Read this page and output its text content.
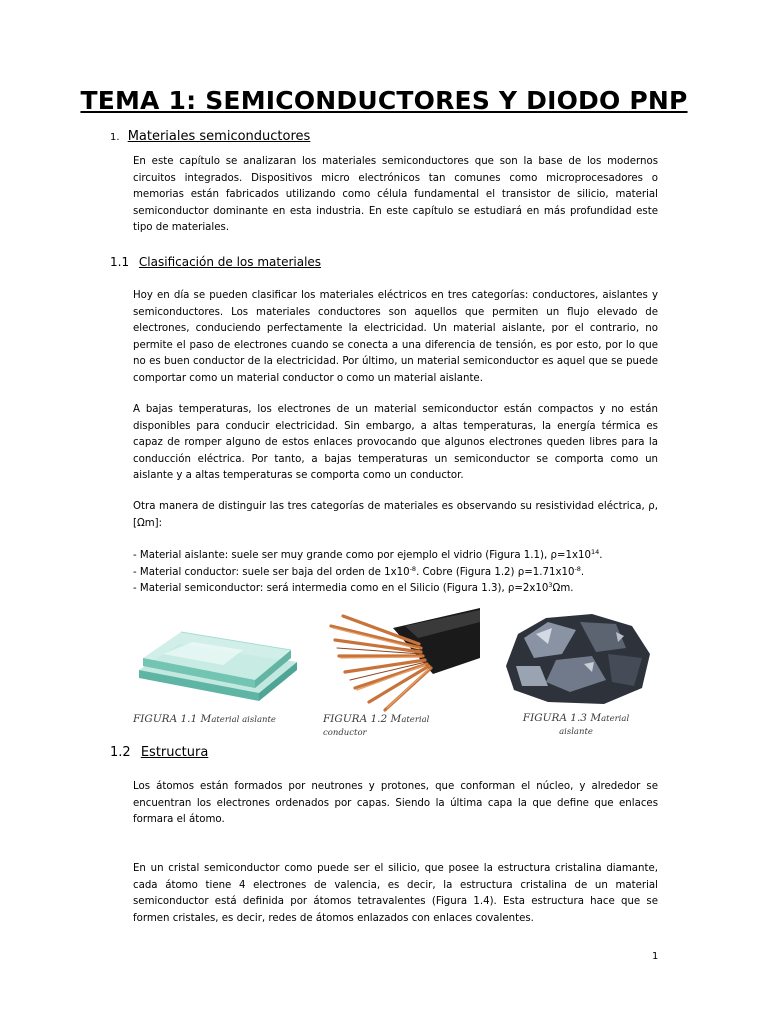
TEMA 1: SEMICONDUCTORES Y DIODO PNP
1. Materiales semiconductores
En este capítulo se analizaran los materiales semiconductores que son la base de los modernos circuitos integrados. Dispositivos micro electrónicos tan comunes como microprocesadores o memorias están fabricados utilizando como célula fundamental el transistor de silicio, material semiconductor dominante en esta industria. En este capítulo se estudiará en más profundidad este tipo de materiales.
1.1 Clasificación de los materiales
Hoy en día se pueden clasificar los materiales eléctricos en tres categorías: conductores, aislantes y semiconductores. Los materiales conductores son aquellos que permiten un flujo elevado de electrones, conduciendo perfectamente la electricidad. Un material aislante, por el contrario, no permite el paso de electrones cuando se conecta a una diferencia de tensión, es por esto, por lo que no es buen conductor de la electricidad. Por último, un material semiconductor es aquel que se puede comportar como un material conductor o como un material aislante.
A bajas temperaturas, los electrones de un material semiconductor están compactos y no están disponibles para conducir electricidad. Sin embargo, a altas temperaturas, la energía térmica es capaz de romper alguno de estos enlaces provocando que algunos electrones queden libres para la conducción eléctrica. Por tanto, a bajas temperaturas un semiconductor se comporta como un aislante y a altas temperaturas se comporta como un conductor.
Otra manera de distinguir las tres categorías de materiales es observando su resistividad eléctrica, ρ, [Ωm]:
- Material aislante: suele ser muy grande como por ejemplo el vidrio (Figura 1.1), $\rho=1x10^{14}$.
- Material conductor: suele ser baja del orden de $1x10^{-8}$. Cobre (Figura 1.2) $\rho=1.71x10^{-8}$.
- Material semiconductor: será intermedia como en el Silicio (Figura 1.3), $\rho=2x10^3\Omega m$.
FIGURA 1.1 Material aislante	FIGURA 1.2 Material
conductor
FIGURA 1.3 Material
aislante
1.2 Estructura
Los átomos están formados por neutrones y protones, que conforman el núcleo, y alrededor se encuentran los electrones ordenados por capas. Siendo la última capa la que define que enlaces formara el átomo.
En un cristal semiconductor como puede ser el silicio, que posee la estructura cristalina diamante, cada átomo tiene 4 electrones de valencia, es decir, la estructura cristalina de un material semiconductor está definida por átomos tetravalentes (Figura 1.4). Esta estructura hace que se formen cristales, es decir, redes de átomos enlazados con enlaces covalentes.
1
